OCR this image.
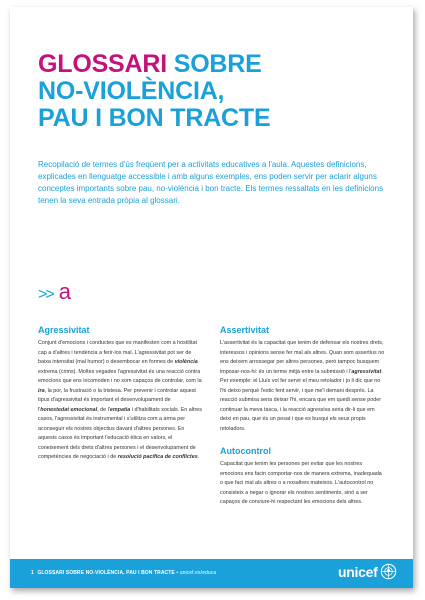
GLOSSARI SOBRE
NO-VIOLÈNCIA,
PAU I BON TRACTE

Recopilació de termes d'ús freqüent per a activitats educatives a l'aula. Aquestes definicions, explicades en llenguatge accessible i amb alguns exemples, ens poden servir per aclarir alguns conceptes importants sobre pau, no-violència i bon tracte. Els termes ressaltats en les definicions tenen la seva entrada pròpia al glossari.

>> a
Agressivitat

Conjunt d'emocions i conductes que es manifesten com a hostilitat cap a d'altres i tendència a ferir-los mal. L'agressivitat pot ser de baixa intensitat (mal humor) o desembocar en formes de violència extrema (crims). Moltes vegades l'agressivitat és una reacció contra emocions que ens incomoden i no som capaços de controlar, com la ira, la por, la frustració o la tristesa. Per prevenir i controlar aquest tipus d'agressivitat és important el desenvolupament de l'honestedat emocional, de l'empatia i d'habilitats socials. En altres casos, l'agressivitat és instrumental i s'utilitza com a arma per aconseguir els nostres objectius davant d'altres persones. En aquests casos és important l'educació ètica en valors, el coneixement dels drets d'altres persones i el desenvolupament de competències de negociació i de resolució pacífica de conflictes.

Assertivitat

L'assertivitat és la capacitat que tenim de defensar els nostres drets, interessos i opinions sense fer mal als altres. Quan som assertius no ens deixem arrossegar per altres persones, però tampoc busquem imposar-nos-hi: és un terme mitjà entre la submissió i l'agressivitat. Per exemple: el Lluís vol fer servir el meu retolador i jo li dic que no l'hi deixo perquè l'estic fent servir, i que me'l demani després. La reacció submisa seria deixar l'hi, encara que em quedi sense poder continuar la meva tasca, i la reacció agressiva seria dir-li que em deixi en pau, que és un pesat i que es busqui els seus propis retoladors.

Autocontrol

Capacitat que tenim les persones per evitar que les nostres emocions ens facin comportar-nos de manera extrema, inadequada o que faci mal als altres o a nosaltres mateixos. L'autocontrol no consisteix a negar o ignorar els nostres sentiments, sinó a ser capaços de conviure-hi respectant les emocions dels altres.

1 GLOSSARI SOBRE NO-VIOLÈNCIA, PAU I BON TRACTE • unicef.es/educa	unicef
